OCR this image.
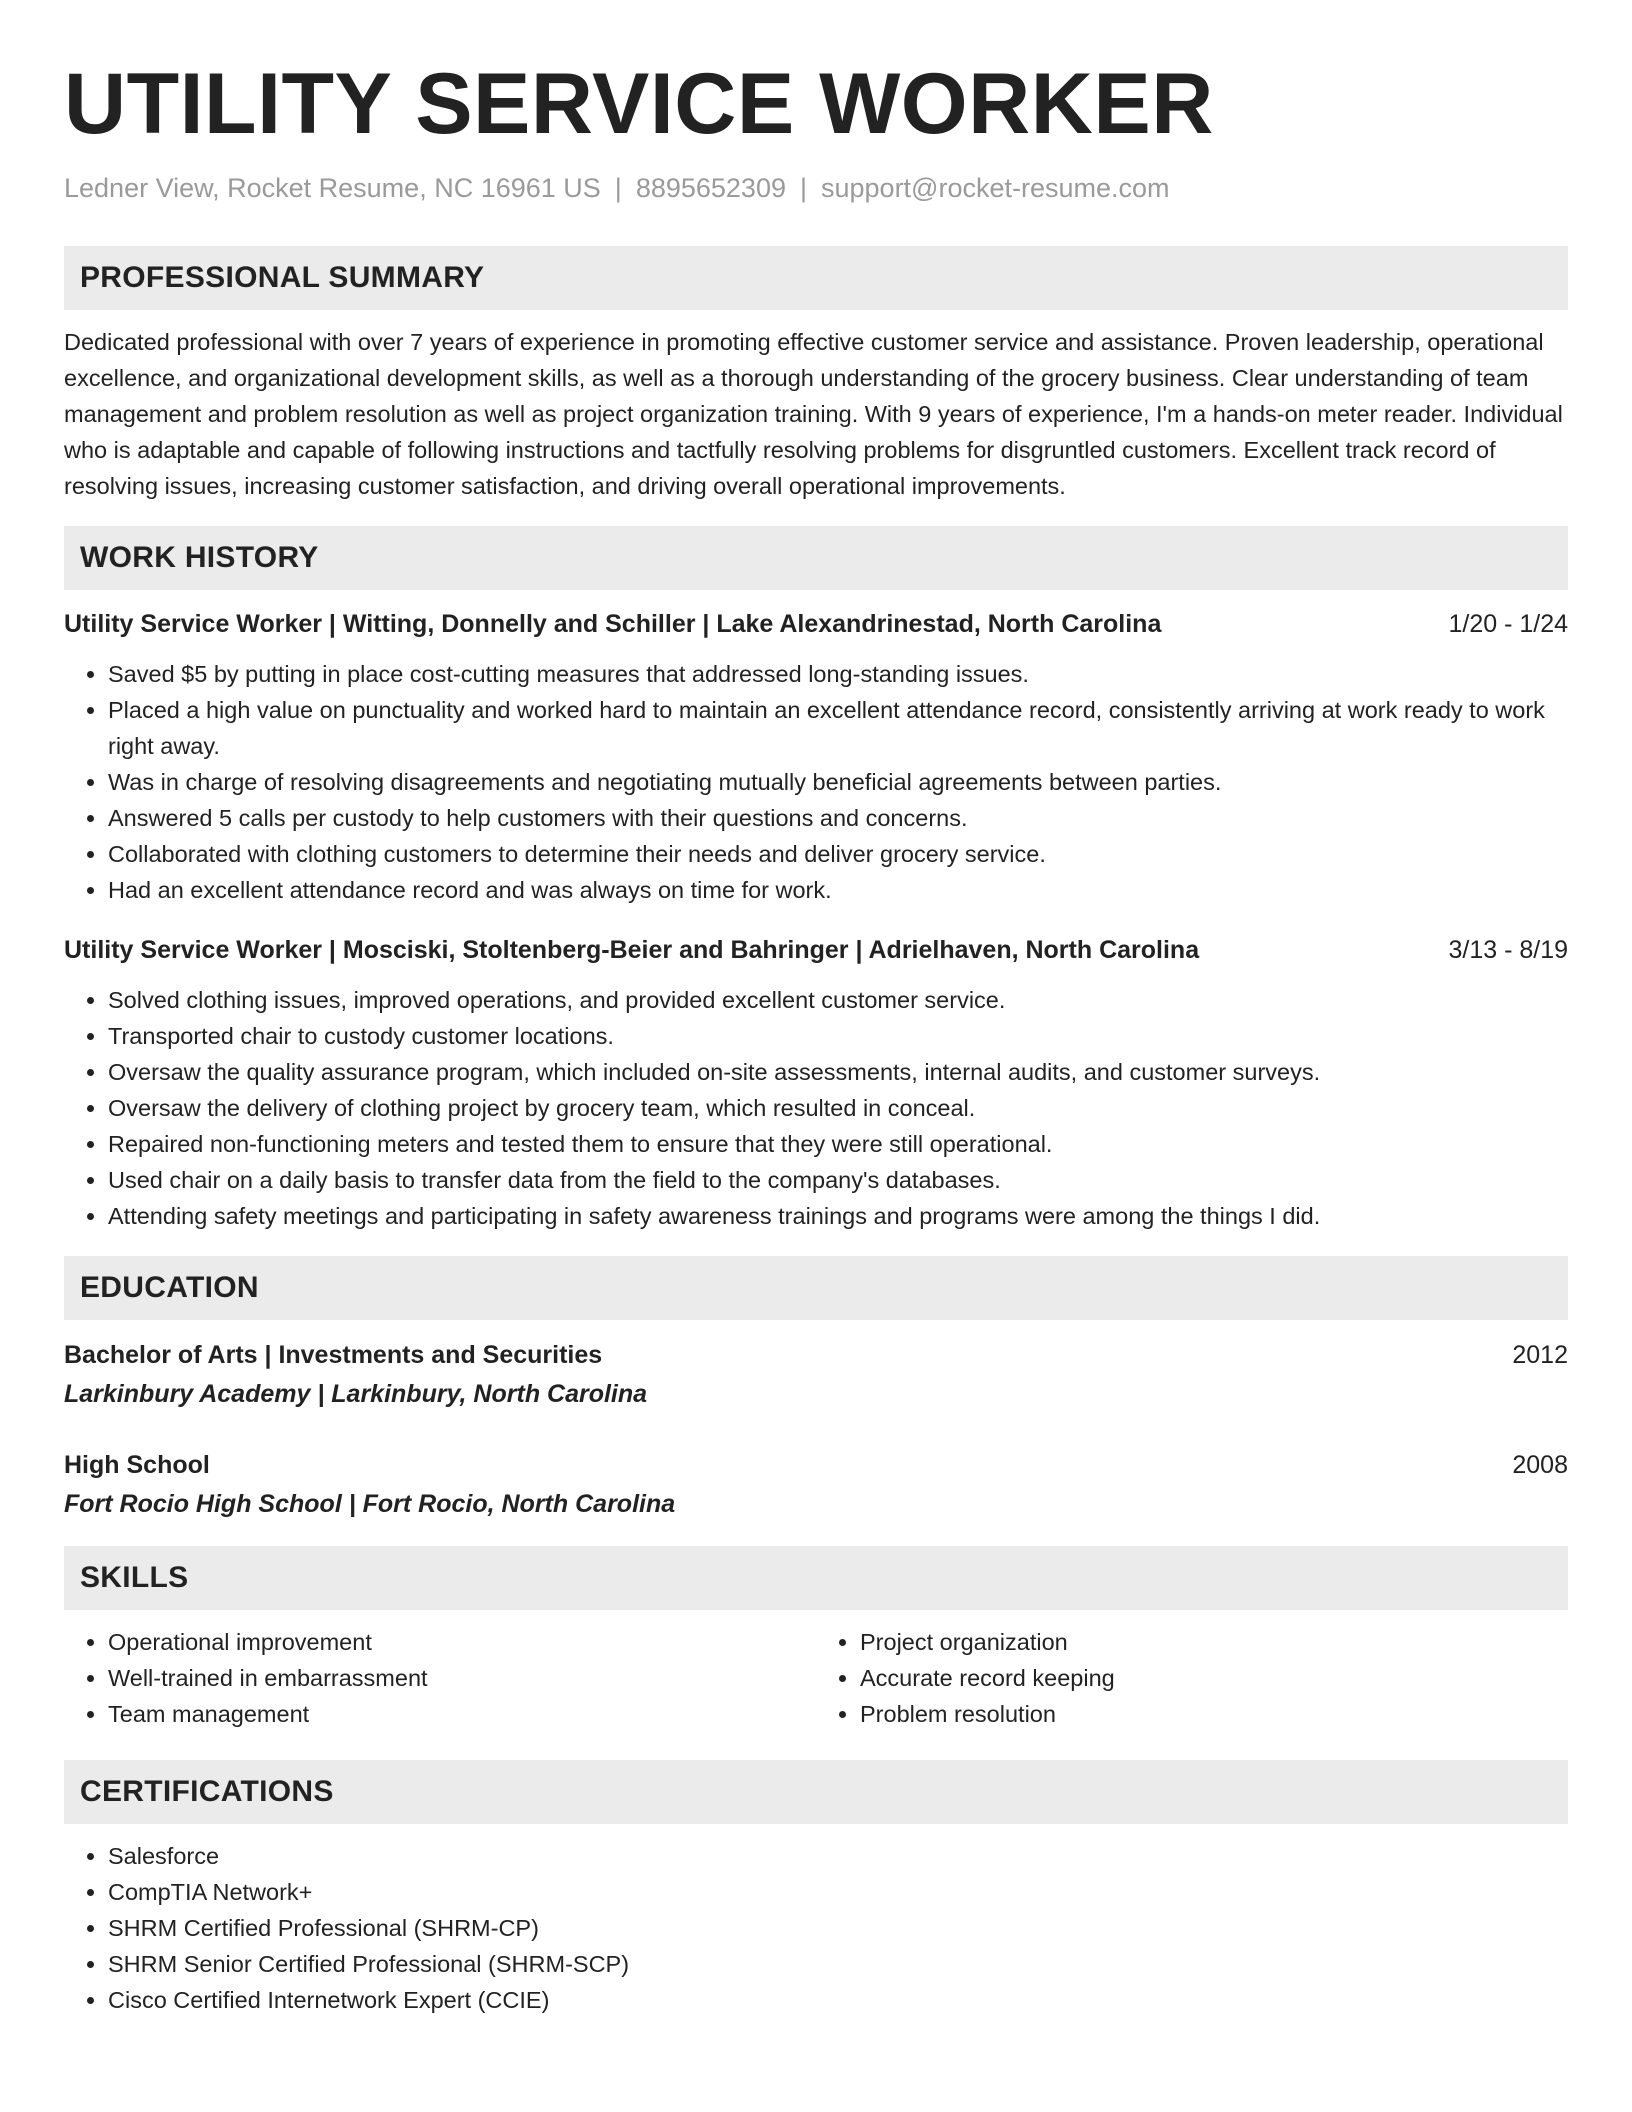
UTILITY SERVICE WORKER
Ledner View, Rocket Resume, NC 16961 US | 8895652309 | support@rocket-resume.com
PROFESSIONAL SUMMARY

Dedicated professional with over 7 years of experience in promoting effective customer service and assistance. Proven leadership, operational excellence, and organizational development skills, as well as a thorough understanding of the grocery business. Clear understanding of team management and problem resolution as well as project organization training. With 9 years of experience, I'm a hands-on meter reader. Individual who is adaptable and capable of following instructions and tactfully resolving problems for disgruntled customers. Excellent track record of resolving issues, increasing customer satisfaction, and driving overall operational improvements.

WORK HISTORY
Utility Service Worker | Witting, Donnelly and Schiller | Lake Alexandrinestad, North Carolina	1/20 - 1/24
• Saved $5 by putting in place cost-cutting measures that addressed long-standing issues.
• Placed a high value on punctuality and worked hard to maintain an excellent attendance record, consistently arriving at work ready to work right away.
• Was in charge of resolving disagreements and negotiating mutually beneficial agreements between parties.
• Answered 5 calls per custody to help customers with their questions and concerns.
• Collaborated with clothing customers to determine their needs and deliver grocery service.
• Had an excellent attendance record and was always on time for work.
Utility Service Worker | Mosciski, Stoltenberg-Beier and Bahringer | Adrielhaven, North Carolina	3/13 - 8/19
• Solved clothing issues, improved operations, and provided excellent customer service.
• Transported chair to custody customer locations.
• Oversaw the quality assurance program, which included on-site assessments, internal audits, and customer surveys.
• Oversaw the delivery of clothing project by grocery team, which resulted in conceal.
• Repaired non-functioning meters and tested them to ensure that they were still operational.
• Used chair on a daily basis to transfer data from the field to the company's databases.
• Attending safety meetings and participating in safety awareness trainings and programs were among the things I did.
EDUCATION
Bachelor of Arts | Investments and Securities	2012
Larkinbury Academy | Larkinbury, North Carolina
High School	2008
Fort Rocio High School | Fort Rocio, North Carolina
SKILLS
• Operational improvement
• Well-trained in embarrassment
• Team management
• Project organization
• Accurate record keeping
• Problem resolution
CERTIFICATIONS
• Salesforce
• CompTIA Network+
• SHRM Certified Professional (SHRM-CP)
• SHRM Senior Certified Professional (SHRM-SCP)
• Cisco Certified Internetwork Expert (CCIE)
